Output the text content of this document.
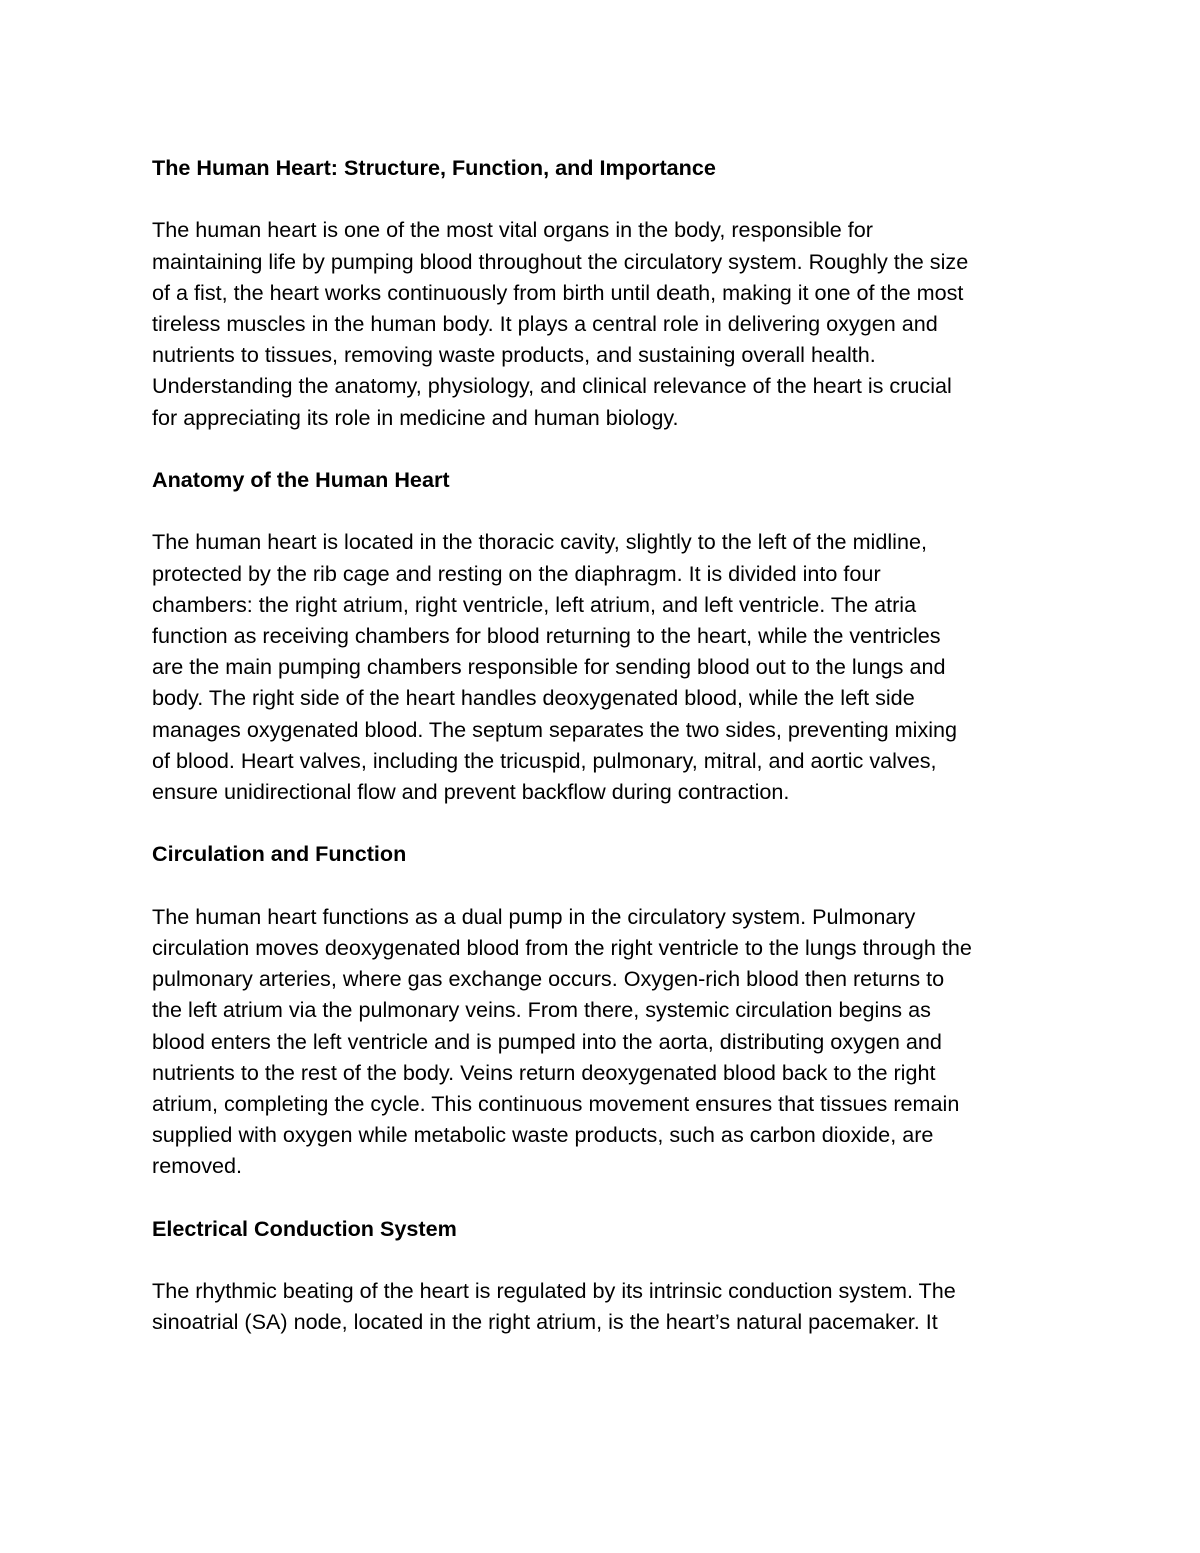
The Human Heart: Structure, Function, and Importance
The human heart is one of the most vital organs in the body, responsible for
maintaining life by pumping blood throughout the circulatory system. Roughly the size
of a fist, the heart works continuously from birth until death, making it one of the most
tireless muscles in the human body. It plays a central role in delivering oxygen and
nutrients to tissues, removing waste products, and sustaining overall health.
Understanding the anatomy, physiology, and clinical relevance of the heart is crucial
for appreciating its role in medicine and human biology.
Anatomy of the Human Heart
The human heart is located in the thoracic cavity, slightly to the left of the midline,
protected by the rib cage and resting on the diaphragm. It is divided into four
chambers: the right atrium, right ventricle, left atrium, and left ventricle. The atria
function as receiving chambers for blood returning to the heart, while the ventricles
are the main pumping chambers responsible for sending blood out to the lungs and
body. The right side of the heart handles deoxygenated blood, while the left side
manages oxygenated blood. The septum separates the two sides, preventing mixing
of blood. Heart valves, including the tricuspid, pulmonary, mitral, and aortic valves,
ensure unidirectional flow and prevent backflow during contraction.
Circulation and Function
The human heart functions as a dual pump in the circulatory system. Pulmonary
circulation moves deoxygenated blood from the right ventricle to the lungs through the
pulmonary arteries, where gas exchange occurs. Oxygen-rich blood then returns to
the left atrium via the pulmonary veins. From there, systemic circulation begins as
blood enters the left ventricle and is pumped into the aorta, distributing oxygen and
nutrients to the rest of the body. Veins return deoxygenated blood back to the right
atrium, completing the cycle. This continuous movement ensures that tissues remain
supplied with oxygen while metabolic waste products, such as carbon dioxide, are
removed.
Electrical Conduction System
The rhythmic beating of the heart is regulated by its intrinsic conduction system. The
sinoatrial (SA) node, located in the right atrium, is the heart’s natural pacemaker. It
